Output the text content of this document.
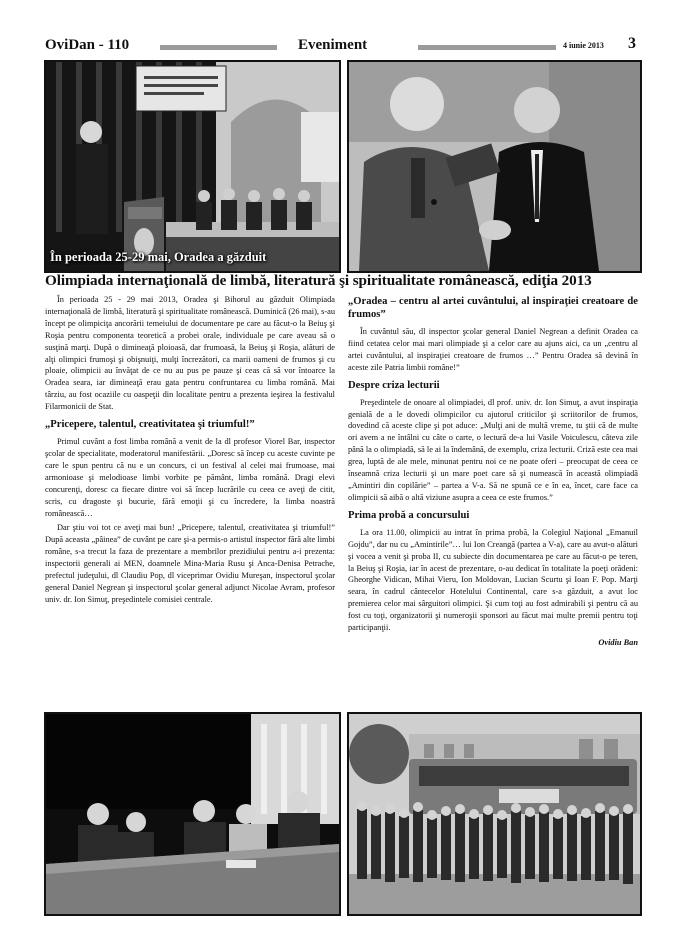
OviDan - 110	Eveniment	4 iunie 2013 3
În perioada 25-29 mai, Oradea a găzduit
Olimpiada internaţională de limbă, literatură şi spiritualitate românească, ediţia 2013

În perioada 25 - 29 mai 2013, Oradea şi Bihorul au găzduit Olimpiada internaţională de limbă, literatură şi spiritualitate românească. Duminică (26 mai), s-au încept pe olimpiciţa ancorării temeiului de documentare pe care au făcut-o la Beiuş şi Roşia pentru componenta teoretică a probei orale, individuale pe care aveau să o susţină marţi. După o dimineaţă ploioasă, dar frumoasă, la Beiuş şi Roşia, alături de alţi olimpici frumoşi şi obişnuiţi, mulţi încrezători, ca marii oameni de frumos şi cu ploaie, olimpicii au învăţat de ce nu au pus pe pauze şi ceas că să vor întoarce la Oradea seara, iar dimineaţă erau gata pentru confruntarea cu limba română. Mai târziu, au fost ocaziile cu oaspeţii din localitate pentru a prezenta ieşirea la festivalul Filarmonicii de Stat.

„Pricepere, talentul, creativitatea şi triumful!”

Primul cuvânt a fost limba română a venit de la dl profesor Viorel Bar, inspector şcolar de specialitate, moderatorul manifestării. „Doresc să încep cu aceste cuvinte pe care le spun pentru că nu e un concurs, ci un festival al celei mai frumoase, mai armonioase şi melodioase limbi vorbite pe pământ, limba română. Dragi elevi concurenţi, doresc ca fiecare dintre voi să încep lucrările cu ceea ce aveţi de citit, scris, cu dragoste şi bucurie, fără emoţii şi cu încredere, la limba noastră românească…

Dar ştiu voi tot ce aveţi mai bun! „Pricepere, talentul, creativitatea şi triumful!” După aceasta „pâinea” de cuvânt pe care şi-a permis-o artistul inspector fără alte limbi române, s-a trecut la faza de prezentare a membrilor prezidiului pentru a-i prezenta: inspectorii generali ai MEN, doamnele Mina-Maria Rusu şi Anca-Denisa Petrache, prefectul judeţului, dl Claudiu Pop, dl viceprimar Ovidiu Mureşan, inspectorul şcolar general Daniel Negrean şi inspectorul şcolar general adjunct Nicolae Avram, profesor univ. dr. Ion Simuţ, preşedintele comisiei centrale.

„Oradea – centru al artei cuvântului, al inspiraţiei creatoare de frumos”

În cuvântul său, dl inspector şcolar general Daniel Negrean a definit Oradea ca fiind cetatea celor mai mari olimpiade şi a celor care au ajuns aici, ca un „centru al artei cuvântului, al inspiraţiei creatoare de frumos …” Pentru Oradea să devină în aceste zile Patria limbii române!”

Despre criza lecturii

Preşedintele de onoare al olimpiadei, dl prof. univ. dr. Ion Simuţ, a avut inspiraţia genială de a le dovedi olimpicilor cu ajutorul criticilor şi scriitorilor de frumos, dovedind că aceste clipe şi pot aduce: „Mulţi ani de multă vreme, tu ştii că de multe ori avem a ne întâlni cu câte o carte, o lectură de-a lui Vasile Voiculescu, câteva zile până la o olimpiadă, să le ai la îndemână, de exemplu, criza lecturii. Criză este cea mai grea, luptă de ale mele, minunat pentru noi ce ne poate oferi – preocupat de ceea ce înseamnă criza lecturii şi un mare poet care să şi numească în această olimpiadă „Amintiri din copilărie” – partea a V-a. Să ne spună ce e în ea, încet, care face ca olimpicii să aibă o altă viziune asupra a ceea ce este frumos.”

Prima probă a concursului

La ora 11.00, olimpicii au intrat în prima probă, la Colegiul Naţional „Emanuil Gojdu”, dar nu cu „Amintirile”… lui Ion Creangă (partea a V-a), care au avut-o alături şi vocea a venit şi proba II, cu subiecte din documentarea pe care au făcut-o pe teren, la Beiuş şi Roşia, iar în acest de prezentare, o-au dedicat în totalitate la poeţi orădeni: Gheorghe Vidican, Mihai Vieru, Ion Moldovan, Lucian Scurtu şi Ioan F. Pop. Marţi seara, în cadrul cântecelor Hotelului Continental, care s-a găzduit, a avut loc premierea celor mai sârguitori olimpici. Şi cum toţi au fost admirabili şi pentru că au fost cu toţi, organizatorii şi numeroşii sponsori au făcut mai multe premii pentru toţi participanţii.

Ovidiu Ban
